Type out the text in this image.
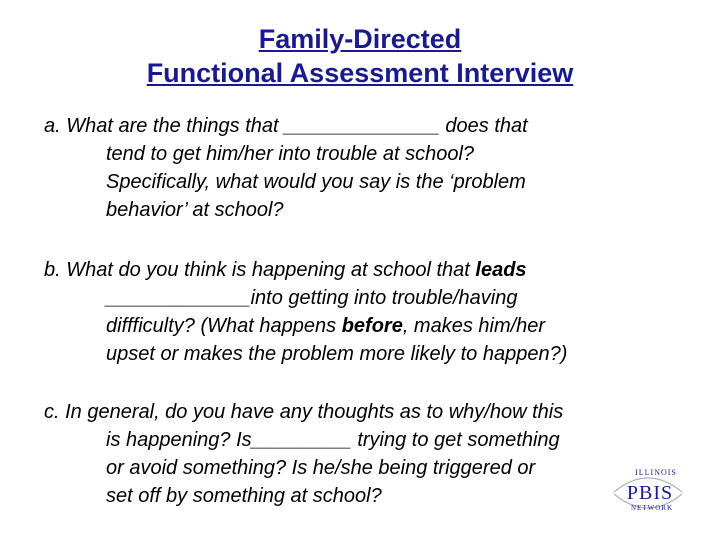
Family-Directed
Functional Assessment Interview
a. What are the things that ______________ does that
tend to get him/her into trouble at school?
Specifically, what would you say is the ‘problem
behavior’ at school?
b. What do you think is happening at school that leads
_____________into getting into trouble/having
diffficulty? (What happens before, makes him/her
upset or makes the problem more likely to happen?)
c. In general, do you have any thoughts as to why/how this
is happening? Is_________ trying to get something
or avoid something? Is he/she being triggered or
set off by something at school?
ILLINOIS
PBIS
NETWORK
